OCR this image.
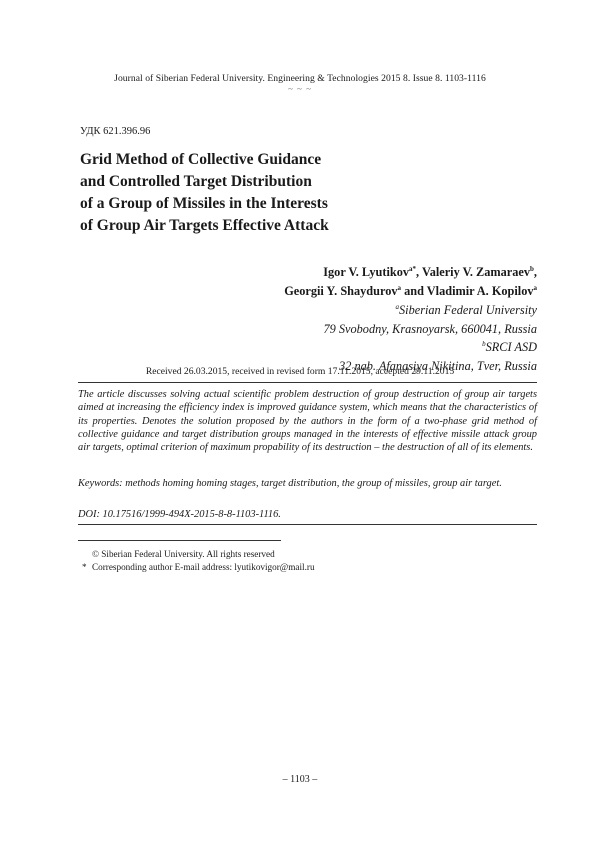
Journal of Siberian Federal University. Engineering & Technologies 2015 8. Issue 8. 1103-1116
~ ~ ~
УДК 621.396.96
Grid Method of Collective Guidance
and Controlled Target Distribution
of a Group of Missiles in the Interests
of Group Air Targets Effective Attack
Igor V. Lyutikov$^{a*}$, Valeriy V. Zamaraev$^b$,
Georgii Y. Shaydurov$^a$ and Vladimir A. Kopilov$^a$
$^a$Siberian Federal University
79 Svobodny, Krasnoyarsk, 660041, Russia
$^b$SRCI ASD
32 nab. Afanasiya Nikitina, Tver, Russia
Received 26.03.2015, received in revised form 17.11.2015, accepted 29.11.2015
The article discusses solving actual scientific problem destruction of group destruction of group air targets aimed at increasing the efficiency index is improved guidance system, which means that the characteristics of its properties. Denotes the solution proposed by the authors in the form of a two-phase grid method of collective guidance and target distribution groups managed in the interests of effective missile attack group air targets, optimal criterion of maximum propability of its destruction – the destruction of all of its elements.
Keywords: methods homing homing stages, target distribution, the group of missiles, group air target.
DOI: 10.17516/1999-494X-2015-8-8-1103-1116.
© Siberian Federal University. All rights reserved
* Corresponding author E-mail address: lyutikovigor@mail.ru
– 1103 –
